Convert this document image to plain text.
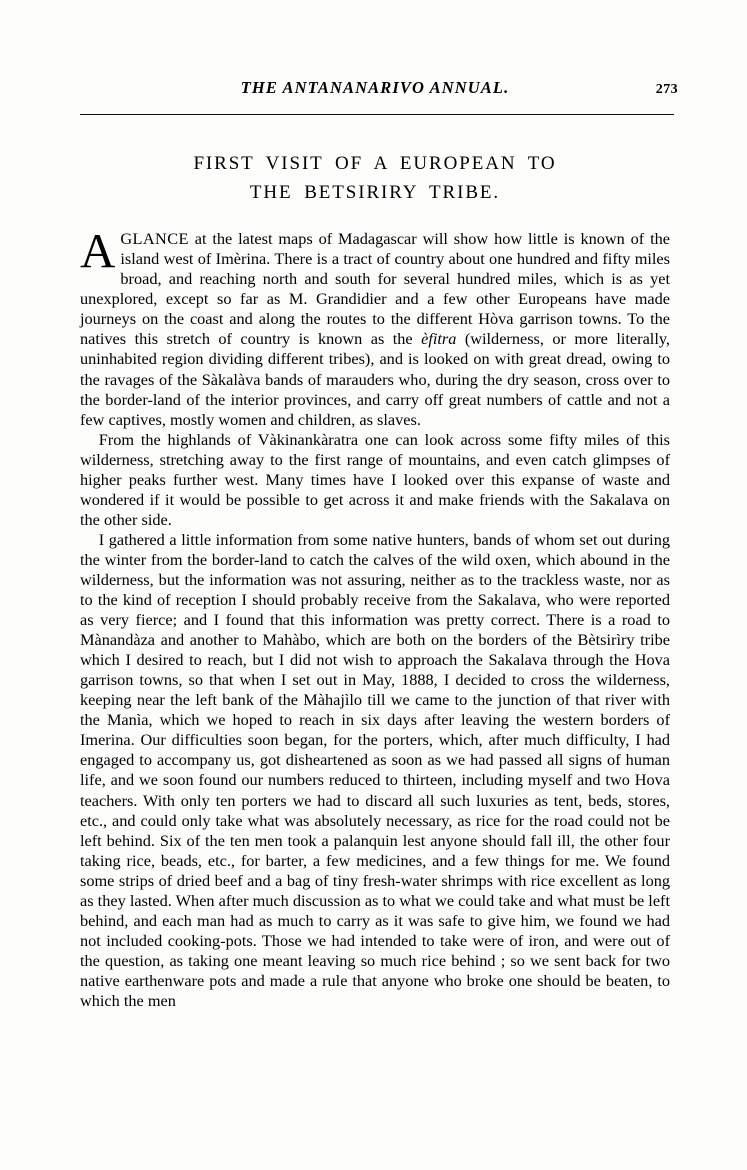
THE ANTANANARIVO ANNUAL.	273
FIRST VISIT OF A EUROPEAN TO
THE BETSIRIRY TRIBE.

AGLANCE at the latest maps of Madagascar will show how little is known of the island west of Imèrina. There is a tract of country about one hundred and fifty miles broad, and reaching north and south for several hundred miles, which is as yet unexplored, except so far as M. Grandidier and a few other Europeans have made journeys on the coast and along the routes to the different Hòva garrison towns. To the natives this stretch of country is known as the èfitra (wilderness, or more literally, uninhabited region dividing different tribes), and is looked on with great dread, owing to the ravages of the Sàkalàva bands of marauders who, during the dry season, cross over to the border-land of the interior provinces, and carry off great numbers of cattle and not a few captives, mostly women and children, as slaves.

From the highlands of Vàkinankàratra one can look across some fifty miles of this wilderness, stretching away to the first range of mountains, and even catch glimpses of higher peaks further west. Many times have I looked over this expanse of waste and wondered if it would be possible to get across it and make friends with the Sakalava on the other side.

I gathered a little information from some native hunters, bands of whom set out during the winter from the border-land to catch the calves of the wild oxen, which abound in the wilderness, but the information was not assuring, neither as to the trackless waste, nor as to the kind of reception I should probably receive from the Sakalava, who were reported as very fierce; and I found that this information was pretty correct. There is a road to Mànandàza and another to Mahàbo, which are both on the borders of the Bètsirìry tribe which I desired to reach, but I did not wish to approach the Sakalava through the Hova garrison towns, so that when I set out in May, 1888, I decided to cross the wilderness, keeping near the left bank of the Màhajìlo till we came to the junction of that river with the Manìa, which we hoped to reach in six days after leaving the western borders of Imerina. Our difficulties soon began, for the porters, which, after much difficulty, I had engaged to accompany us, got disheartened as soon as we had passed all signs of human life, and we soon found our numbers reduced to thirteen, including myself and two Hova teachers. With only ten porters we had to discard all such luxuries as tent, beds, stores, etc., and could only take what was absolutely necessary, as rice for the road could not be left behind. Six of the ten men took a palanquin lest anyone should fall ill, the other four taking rice, beads, etc., for barter, a few medicines, and a few things for me. We found some strips of dried beef and a bag of tiny fresh-water shrimps with rice excellent as long as they lasted. When after much discussion as to what we could take and what must be left behind, and each man had as much to carry as it was safe to give him, we found we had not included cooking-pots. Those we had intended to take were of iron, and were out of the question, as taking one meant leaving so much rice behind ; so we sent back for two native earthenware pots and made a rule that anyone who broke one should be beaten, to which the men
